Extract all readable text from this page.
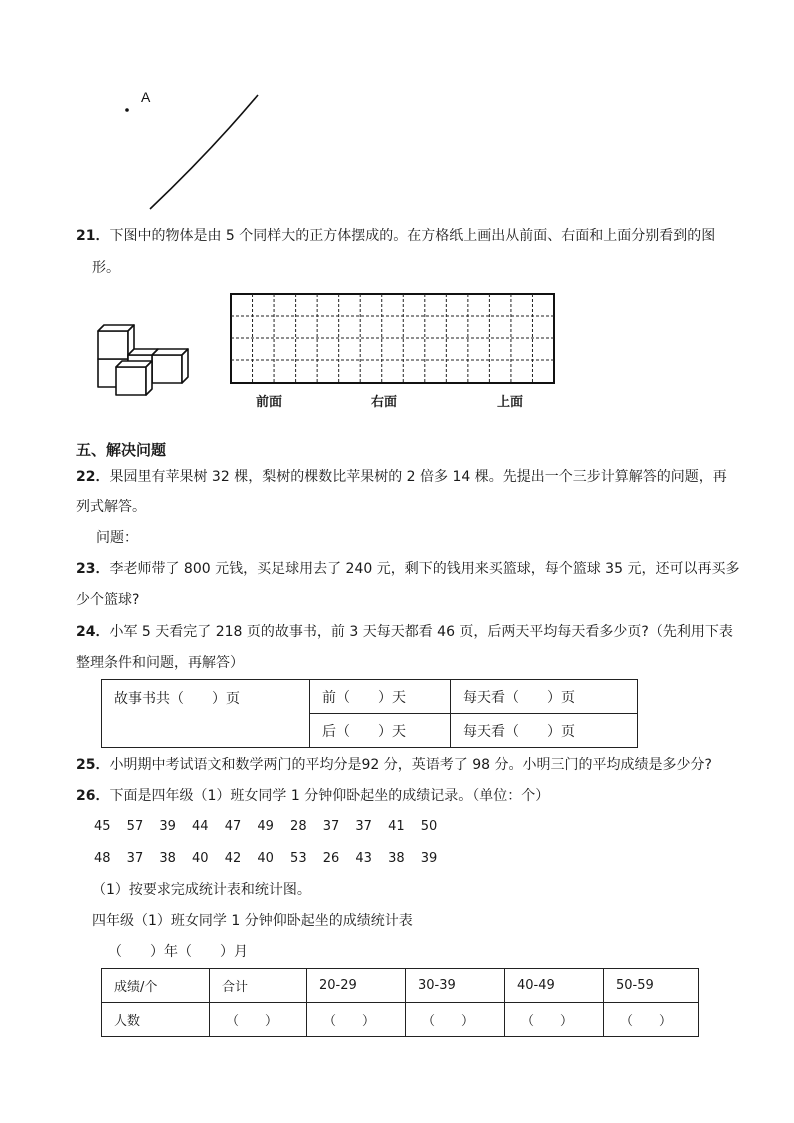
A
21．下图中的物体是由 5 个同样大的正方体摆成的。在方格纸上画出从前面、右面和上面分别看到的图
形。
前面	右面	上面
五、解决问题
22．果园里有苹果树 32 棵，梨树的棵数比苹果树的 2 倍多 14 棵。先提出一个三步计算解答的问题，再
列式解答。
问题：
23．李老师带了 800 元钱，买足球用去了 240 元，剩下的钱用来买篮球，每个篮球 35 元，还可以再买多
少个篮球?
24．小军 5 天看完了 218 页的故事书，前 3 天每天都看 46 页，后两天平均每天看多少页?（先利用下表
整理条件和问题，再解答）
故事书共（　　）页	前（　　）天	每天看（　　）页
	后（　　）天	每天看（　　）页
25．小明期中考试语文和数学两门的平均分是92 分，英语考了 98 分。小明三门的平均成绩是多少分?
26．下面是四年级（1）班女同学 1 分钟仰卧起坐的成绩记录。（单位：个）
45 57 39 44 47 49 28 37 37 41 50
48 37 38 40 42 40 53 26 43 38 39
（1）按要求完成统计表和统计图。
四年级（1）班女同学 1 分钟仰卧起坐的成绩统计表
（　　）年（　　）月
成绩/个	合计	20-29	30-39	40-49	50-59
人数	（　　）	（　　）	（　　）	（　　）	（　　）
